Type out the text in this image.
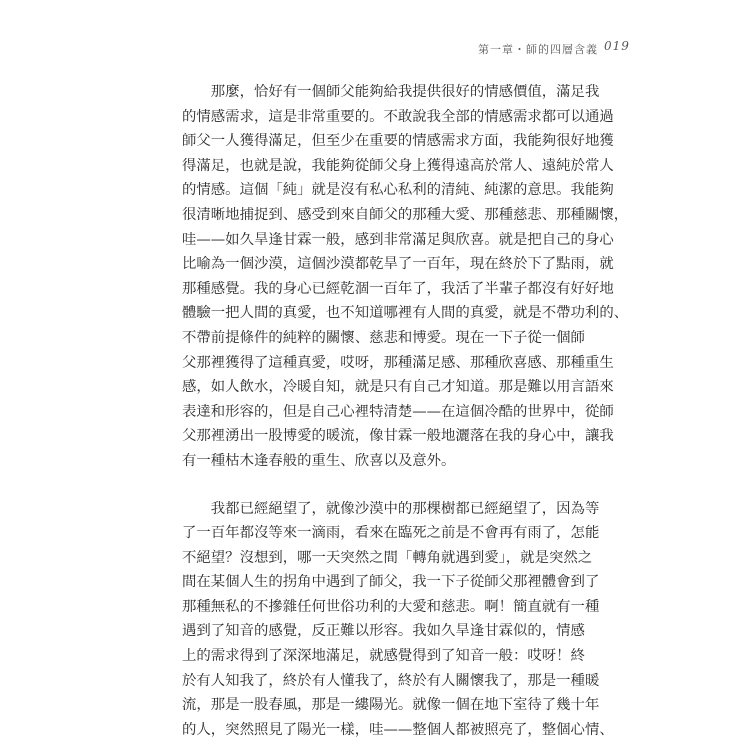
第一章・師的四層含義 019
　　那麼，恰好有一個師父能夠給我提供很好的情感價值，滿足我
的情感需求，這是非常重要的。不敢說我全部的情感需求都可以通過
師父一人獲得滿足，但至少在重要的情感需求方面，我能夠很好地獲
得滿足，也就是說，我能夠從師父身上獲得遠高於常人、遠純於常人
的情感。這個「純」就是沒有私心私利的清純、純潔的意思。我能夠
很清晰地捕捉到、感受到來自師父的那種大愛、那種慈悲、那種關懷，
哇——如久旱逢甘霖一般，感到非常滿足與欣喜。就是把自己的身心
比喻為一個沙漠，這個沙漠都乾旱了一百年，現在終於下了點雨，就
那種感覺。我的身心已經乾涸一百年了，我活了半輩子都沒有好好地
體驗一把人間的真愛，也不知道哪裡有人間的真愛，就是不帶功利的、
不帶前提條件的純粹的關懷、慈悲和博愛。現在一下子從一個師
父那裡獲得了這種真愛，哎呀，那種滿足感、那種欣喜感、那種重生
感，如人飲水，冷暖自知，就是只有自己才知道。那是難以用言語來
表達和形容的，但是自己心裡特清楚——在這個冷酷的世界中，從師
父那裡湧出一股博愛的暖流，像甘霖一般地灑落在我的身心中，讓我
有一種枯木逢春般的重生、欣喜以及意外。
　　我都已經絕望了，就像沙漠中的那棵樹都已經絕望了，因為等
了一百年都沒等來一滴雨，看來在臨死之前是不會再有雨了，怎能
不絕望？沒想到，哪一天突然之間「轉角就遇到愛」，就是突然之
間在某個人生的拐角中遇到了師父，我一下子從師父那裡體會到了
那種無私的不摻雜任何世俗功利的大愛和慈悲。啊！簡直就有一種
遇到了知音的感覺，反正難以形容。我如久旱逢甘霖似的，情感
上的需求得到了深深地滿足，就感覺得到了知音一般：哎呀！終
於有人知我了，終於有人懂我了，終於有人關懷我了，那是一種暖
流，那是一股春風，那是一縷陽光。就像一個在地下室待了幾十年
的人，突然照見了陽光一樣，哇——整個人都被照亮了，整個心情、
